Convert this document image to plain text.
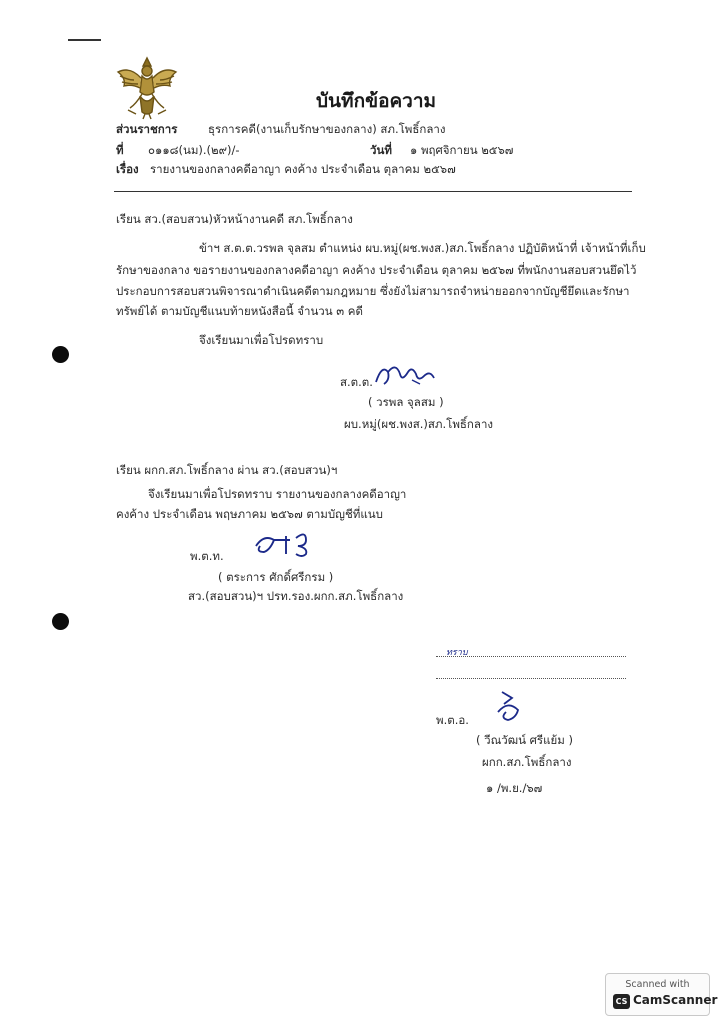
บันทึกข้อความ
ส่วนราชการ	ธุรการคดี(งานเก็บรักษาของกลาง) สภ.โพธิ์กลาง
ที่ ๐๑๑๘(นม).(๒๙)/-	วันที่ ๑ พฤศจิกายน ๒๕๖๗
เรื่อง รายงานของกลางคดีอาญา คงค้าง ประจำเดือน ตุลาคม ๒๕๖๗
เรียน สว.(สอบสวน)หัวหน้างานคดี สภ.โพธิ์กลาง
ข้าฯ ส.ต.ต.วรพล จุลสม ตำแหน่ง ผบ.หมู่(ผช.พงส.)สภ.โพธิ์กลาง ปฏิบัติหน้าที่ เจ้าหน้าที่เก็บ
รักษาของกลาง ขอรายงานของกลางคดีอาญา คงค้าง ประจำเดือน ตุลาคม ๒๕๖๗ ที่พนักงานสอบสวนยึดไว้
ประกอบการสอบสวนพิจารณาดำเนินคดีตามกฎหมาย ซึ่งยังไม่สามารถจำหน่ายออกจากบัญชียึดและรักษา
ทรัพย์ได้ ตามบัญชีแนบท้ายหนังสือนี้ จำนวน ๓ คดี
จึงเรียนมาเพื่อโปรดทราบ
ส.ต.ต.
( วรพล จุลสม )
ผบ.หมู่(ผช.พงส.)สภ.โพธิ์กลาง
เรียน ผกก.สภ.โพธิ์กลาง ผ่าน สว.(สอบสวน)ฯ
จึงเรียนมาเพื่อโปรดทราบ รายงานของกลางคดีอาญา
คงค้าง ประจำเดือน พฤษภาคม ๒๕๖๗ ตามบัญชีที่แนบ
พ.ต.ท.
( ตระการ ศักดิ์ศรีกรม )
สว.(สอบสวน)ฯ ปรท.รอง.ผกก.สภ.โพธิ์กลาง
ทราบ
พ.ต.อ.
( วีณวัฒน์ ศรีแย้ม )
ผกก.สภ.โพธิ์กลาง
๑ /พ.ย./๖๗
Scanned with
CS CamScanner
